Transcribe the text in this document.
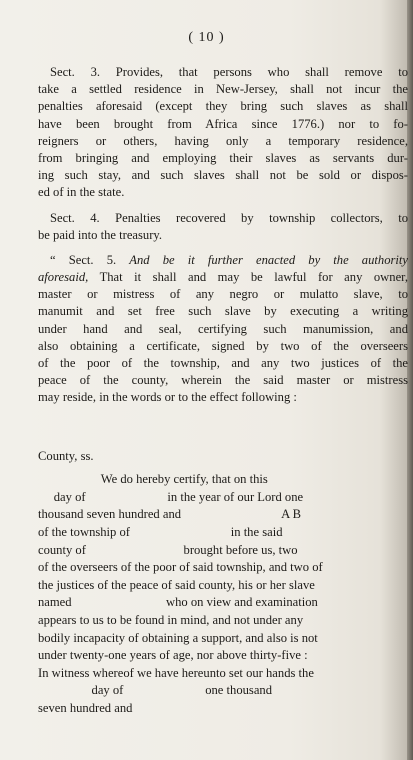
( 10 )
Sect. 3. Provides, that persons who shall remove to
take a settled residence in New-Jersey, shall not incur the
penalties aforesaid (except they bring such slaves as shall
have been brought from Africa since 1776.) nor to fo-
reigners or others, having only a temporary residence,
from bringing and employing their slaves as servants dur-
ing such stay, and such slaves shall not be sold or dispos-
ed of in the state.
Sect. 4. Penalties recovered by township collectors, to
be paid into the treasury.
“ Sect. 5. And be it further enacted by the authority
aforesaid, That it shall and may be lawful for any owner,
master or mistress of any negro or mulatto slave, to
manumit and set free such slave by executing a writing
under hand and seal, certifying such manumission, and
also obtaining a certificate, signed by two of the overseers
of the poor of the township, and any two justices of the
peace of the county, wherein the said master or mistress
may reside, in the words or to the effect following :
County, ss.
We do hereby certify, that on this
day of                          in the year of our Lord one
thousand seven hundred and                                A B
of the township of                                in the said
county of                               brought before us, two
of the overseers of the poor of said township, and two of
the justices of the peace of said county, his or her slave
named                              who on view and examination
appears to us to be found in mind, and not under any
bodily incapacity of obtaining a support, and also is not
under twenty-one years of age, nor above thirty-five :
In witness whereof we have hereunto set our hands the
day of                          one thousand
seven hundred and
